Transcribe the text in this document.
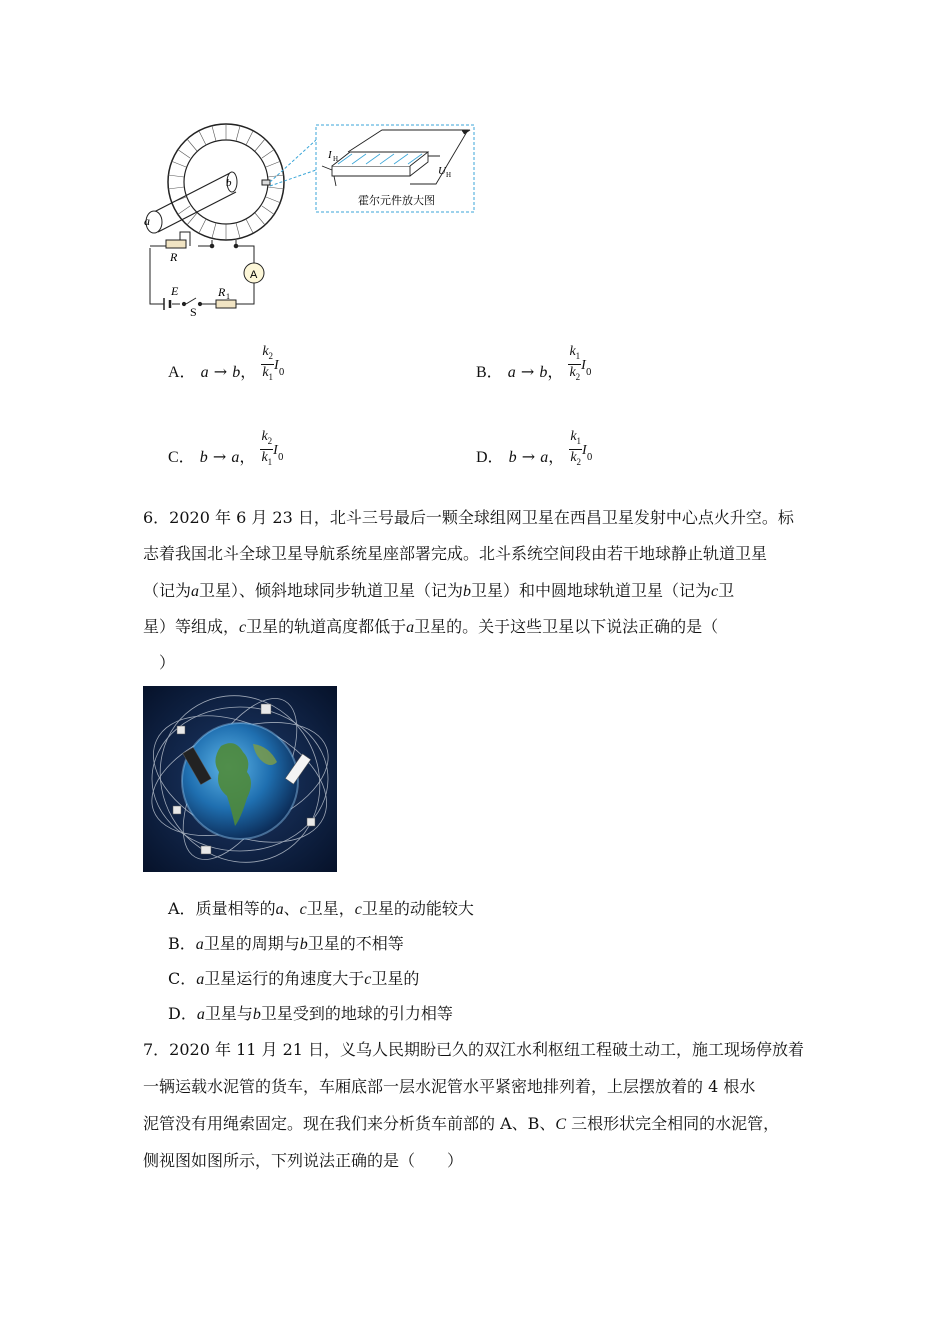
a
b
R
A
E
S
R 1
I H
U H
霍尔元件放大图
A． a → b， $\frac{k_2}{k_1} I_0$	B． a → b， $\frac{k_1}{k_2} I_0$
C． b → a， $\frac{k_2}{k_1} I_0$	D． b → a， $\frac{k_1}{k_2} I_0$
6．2020 年 6 月 23 日，北斗三号最后一颗全球组网卫星在西昌卫星发射中心点火升空。标
志着我国北斗全球卫星导航系统星座部署完成。北斗系统空间段由若干地球静止轨道卫星
（记为a卫星）、倾斜地球同步轨道卫星（记为b卫星）和中圆地球轨道卫星（记为c卫
星）等组成，c卫星的轨道高度都低于a卫星的。关于这些卫星以下说法正确的是（
）
A．质量相等的a、c卫星，c卫星的动能较大
B．a卫星的周期与b卫星的不相等
C．a卫星运行的角速度大于c卫星的
D．a卫星与b卫星受到的地球的引力相等
7．2020 年 11 月 21 日，义乌人民期盼已久的双江水利枢纽工程破土动工，施工现场停放着
一辆运载水泥管的货车，车厢底部一层水泥管水平紧密地排列着，上层摆放着的 4 根水
泥管没有用绳索固定。现在我们来分析货车前部的 A、B、C 三根形状完全相同的水泥管，
侧视图如图所示，下列说法正确的是（　　）
